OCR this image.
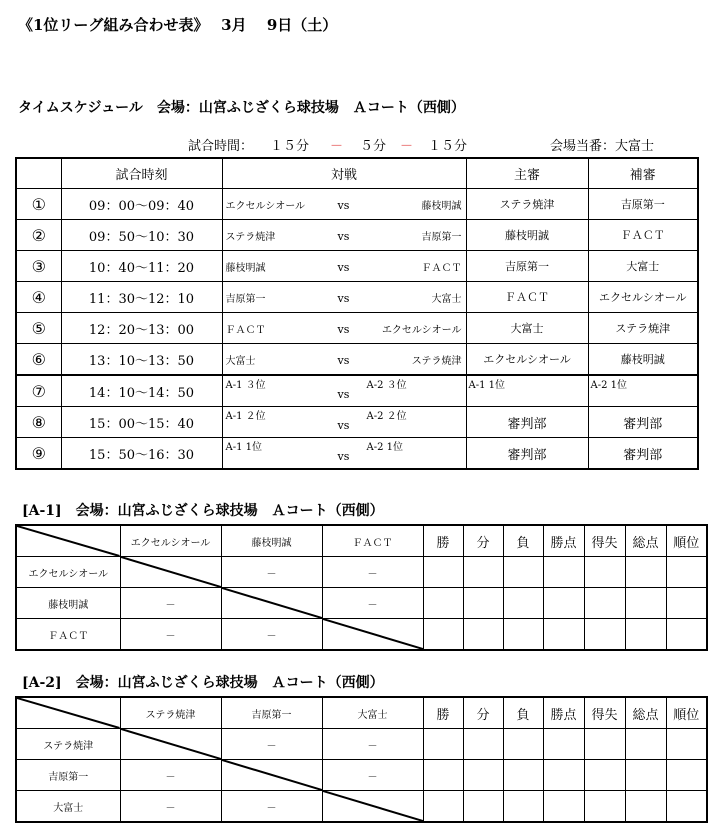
《1位リーグ組み合わせ表》　 3月　 9日（土）
タイムスケジュール　会場：山宮ふじざくら球技場　Ａコート（西側）
試合時間： １５分 － ５分 － １５分	会場当番：大富士
	試合時刻	対戦	主審	補審
①	09：00～09：40	エクセルシオール vs 藤枝明誠	ステラ焼津	吉原第一
②	09：50～10：30	ステラ焼津 vs 吉原第一	藤枝明誠	ＦＡＣＴ
③	10：40～11：20	藤枝明誠 vs ＦＡＣＴ	吉原第一	大富士
④	11：30～12：10	吉原第一 vs 大富士	ＦＡＣＴ	エクセルシオール
⑤	12：20～13：00	ＦＡＣＴ vs エクセルシオール	大富士	ステラ焼津
⑥	13：10～13：50	大富士 vs ステラ焼津	エクセルシオール	藤枝明誠
⑦	14：10～14：50	A-1 ３位
vs
A-2 ３位	A-1 1位	A-2 1位

⑧	15：00～15：40	A-1 ２位
vs
A-2 ２位	審判部	審判部
⑨	15：50～16：30	A-1 1位
vs
A-2 1位	審判部	審判部
[A-1]　会場：山宮ふじざくら球技場　Ａコート（西側）
	エクセルシオール	藤枝明誠	ＦＡＣＴ	勝	分	負	勝点	得失	総点	順位
エクセルシオール		－	－							
藤枝明誠	－		－							
ＦＡＣＴ	－	－	

[A-2]　会場：山宮ふじざくら球技場　Ａコート（西側）
	ステラ焼津	吉原第一	大富士	勝	分	負	勝点	得失	総点	順位
ステラ焼津		－	－							
吉原第一	－		－							
大富士	－	－	
